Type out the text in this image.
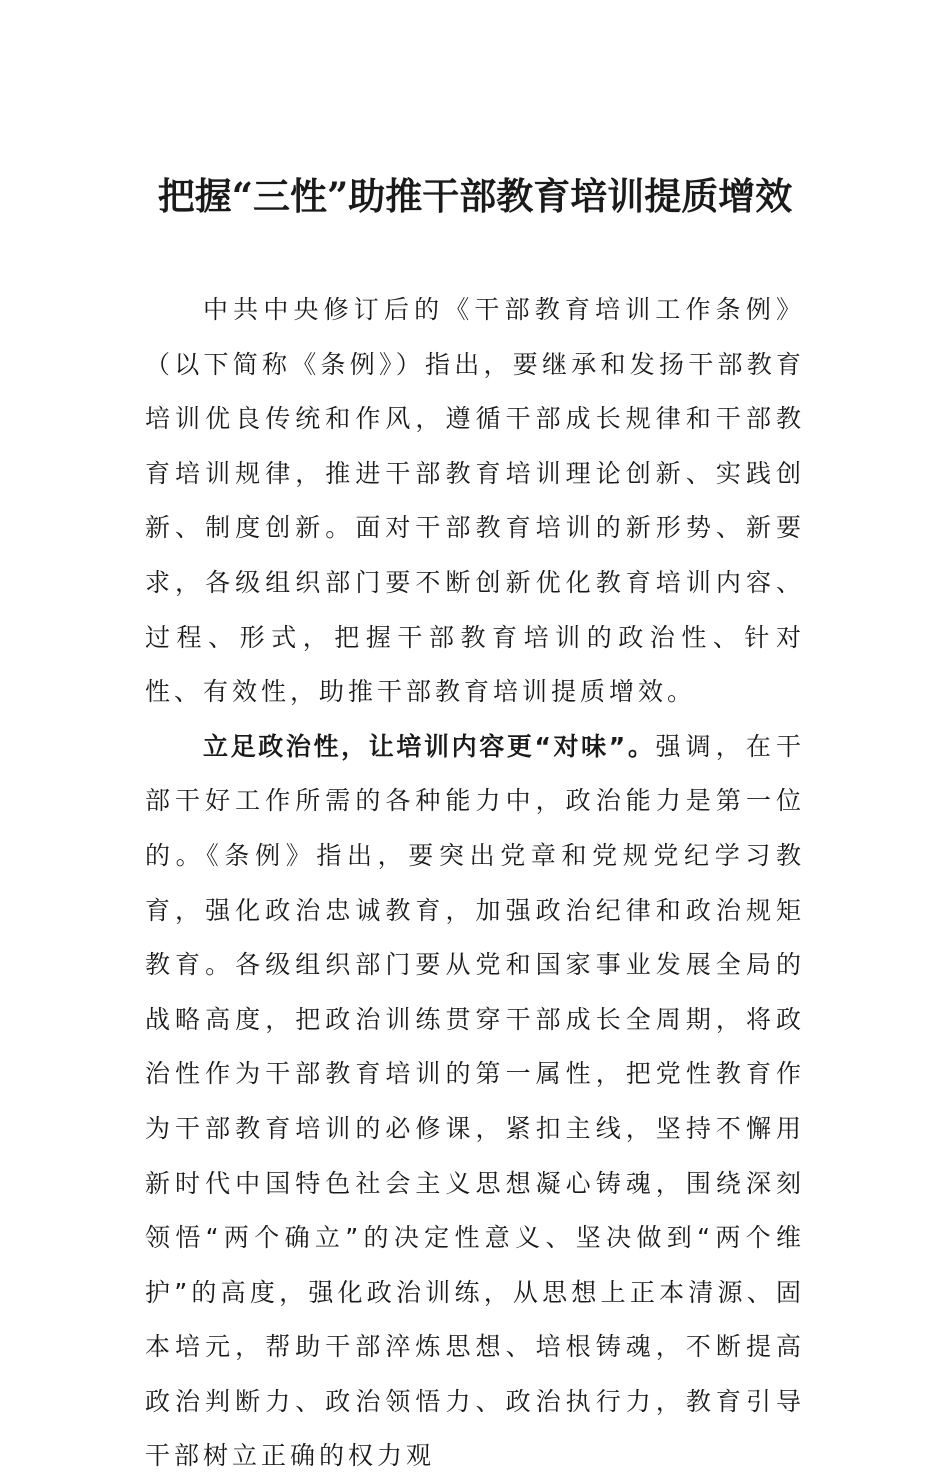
把握“三性”助推干部教育培训提质增效

中共中央修订后的《干部教育培训工作条例》（以下简称《条例》）指出，要继承和发扬干部教育培训优良传统和作风，遵循干部成长规律和干部教育培训规律，推进干部教育培训理论创新、实践创新、制度创新。面对干部教育培训的新形势、新要求，各级组织部门要不断创新优化教育培训内容、过程、形式，把握干部教育培训的政治性、针对性、有效性，助推干部教育培训提质增效。

立足政治性，让培训内容更“对味”。强调，在干部干好工作所需的各种能力中，政治能力是第一位的。《条例》指出，要突出党章和党规党纪学习教育，强化政治忠诚教育，加强政治纪律和政治规矩教育。各级组织部门要从党和国家事业发展全局的战略高度，把政治训练贯穿干部成长全周期，将政治性作为干部教育培训的第一属性，把党性教育作为干部教育培训的必修课，紧扣主线，坚持不懈用新时代中国特色社会主义思想凝心铸魂，围绕深刻领悟“两个确立”的决定性意义、坚决做到“两个维护”的高度，强化政治训练，从思想上正本清源、固本培元，帮助干部淬炼思想、培根铸魂，不断提高政治判断力、政治领悟力、政治执行力，教育引导干部树立正确的权力观
